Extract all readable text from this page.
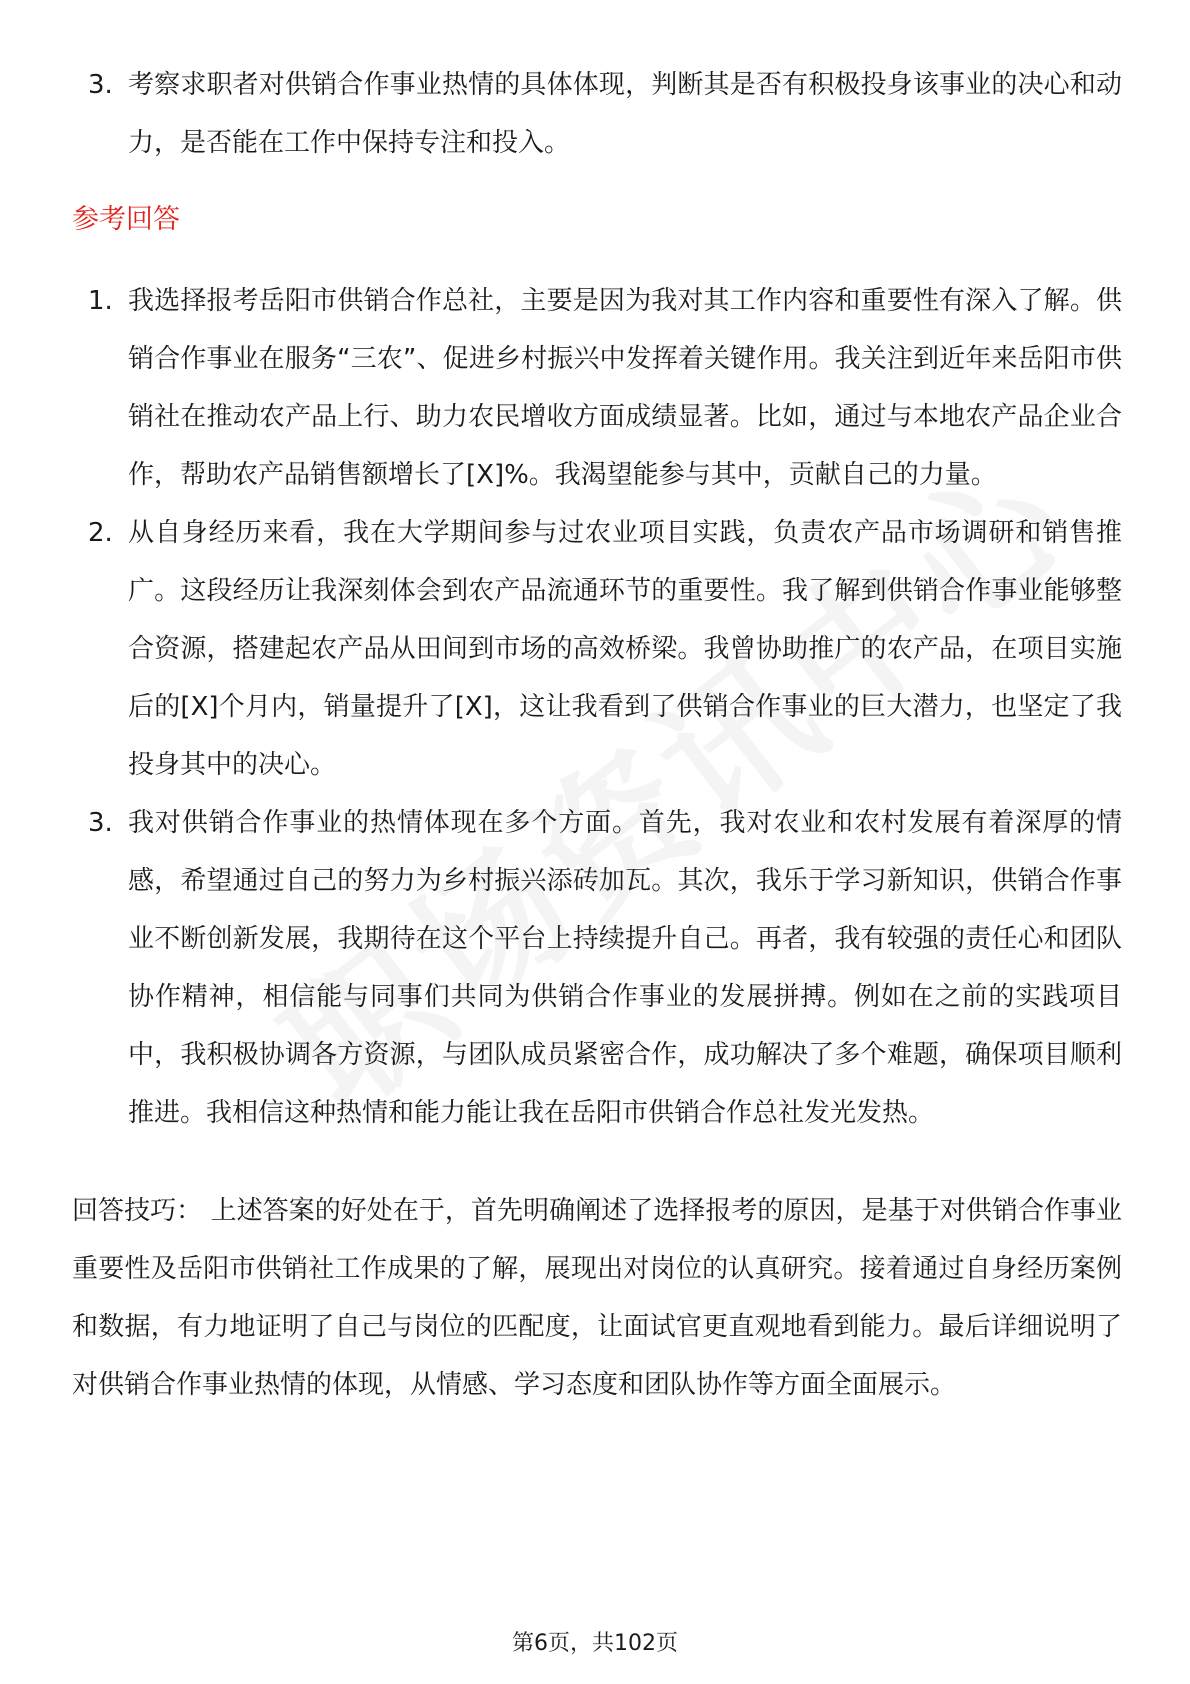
3. 考察求职者对供销合作事业热情的具体体现，判断其是否有积极投身该事业的决心和动力，是否能在工作中保持专注和投入。
参考回答
1. 我选择报考岳阳市供销合作总社，主要是因为我对其工作内容和重要性有深入了解。供销合作事业在服务“三农”、促进乡村振兴中发挥着关键作用。我关注到近年来岳阳市供销社在推动农产品上行、助力农民增收方面成绩显著。比如，通过与本地农产品企业合作，帮助农产品销售额增长了[X]%。我渴望能参与其中，贡献自己的力量。
2. 从自身经历来看，我在大学期间参与过农业项目实践，负责农产品市场调研和销售推广。这段经历让我深刻体会到农产品流通环节的重要性。我了解到供销合作事业能够整合资源，搭建起农产品从田间到市场的高效桥梁。我曾协助推广的农产品，在项目实施后的[X]个月内，销量提升了[X]，这让我看到了供销合作事业的巨大潜力，也坚定了我投身其中的决心。
3. 我对供销合作事业的热情体现在多个方面。首先，我对农业和农村发展有着深厚的情感，希望通过自己的努力为乡村振兴添砖加瓦。其次，我乐于学习新知识，供销合作事业不断创新发展，我期待在这个平台上持续提升自己。再者，我有较强的责任心和团队协作精神，相信能与同事们共同为供销合作事业的发展拼搏。例如在之前的实践项目中，我积极协调各方资源，与团队成员紧密合作，成功解决了多个难题，确保项目顺利推进。我相信这种热情和能力能让我在岳阳市供销合作总社发光发热。
回答技巧： 上述答案的好处在于，首先明确阐述了选择报考的原因，是基于对供销合作事业重要性及岳阳市供销社工作成果的了解，展现出对岗位的认真研究。接着通过自身经历案例和数据，有力地证明了自己与岗位的匹配度，让面试官更直观地看到能力。最后详细说明了对供销合作事业热情的体现，从情感、学习态度和团队协作等方面全面展示。
第6页，共102页
